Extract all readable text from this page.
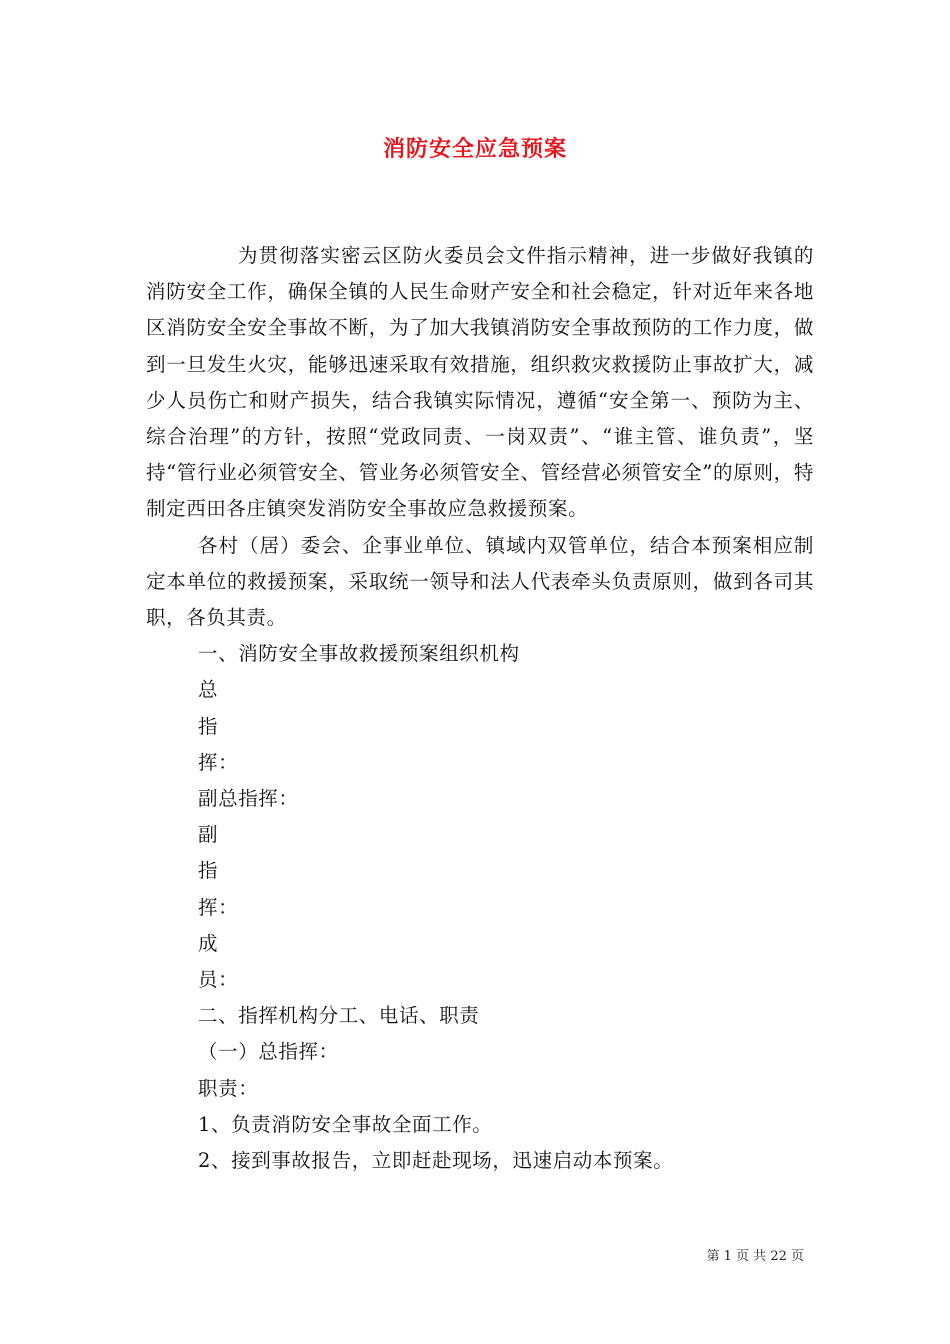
消防安全应急预案

为贯彻落实密云区防火委员会文件指示精神，进一步做好我镇的消防安全工作，确保全镇的人民生命财产安全和社会稳定，针对近年来各地区消防安全安全事故不断，为了加大我镇消防安全事故预防的工作力度，做到一旦发生火灾，能够迅速采取有效措施，组织救灾救援防止事故扩大，减少人员伤亡和财产损失，结合我镇实际情况，遵循“安全第一、预防为主、综合治理”的方针，按照“党政同责、一岗双责”、“谁主管、谁负责”，坚持“管行业必须管安全、管业务必须管安全、管经营必须管安全”的原则，特制定西田各庄镇突发消防安全事故应急救援预案。

各村（居）委会、企事业单位、镇域内双管单位，结合本预案相应制定本单位的救援预案，采取统一领导和法人代表牵头负责原则，做到各司其职，各负其责。

一、消防安全事故救援预案组织机构
总
指
挥：
副总指挥：
副
指
挥：
成
员：
二、指挥机构分工、电话、职责
（一）总指挥：
职责：
1、负责消防安全事故全面工作。
2、接到事故报告，立即赶赴现场，迅速启动本预案。
第 1 页 共 22 页
